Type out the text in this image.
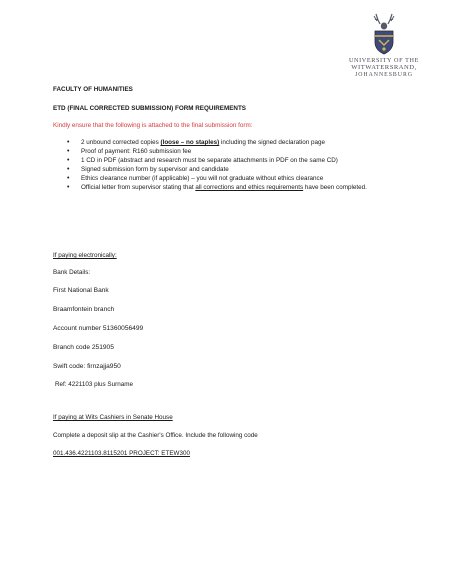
UNIVERSITY OF THE
WITWATERSRAND,
JOHANNESBURG
FACULTY OF HUMANITIES
ETD (FINAL CORRECTED SUBMISSION) FORM REQUIREMENTS
Kindly ensure that the following is attached to the final submission form:
• 2 unbound corrected copies (loose – no staples) including the signed declaration page
• Proof of payment: R160 submission fee
• 1 CD in PDF (abstract and research must be separate attachments in PDF on the same CD)
• Signed submission form by supervisor and candidate
• Ethics clearance number (if applicable) – you will not graduate without ethics clearance
• Official letter from supervisor stating that all corrections and ethics requirements have been completed.
If paying electronically:
Bank Details:
First National Bank
Braamfontein branch
Account number 51360056499
Branch code 251905
Swift code: firnzajja950
Ref: 4221103 plus Surname
If paying at Wits Cashiers in Senate House
Complete a deposit slip at the Cashier's Office. Include the following code
001.436.4221103.8115201 PROJECT: ETEW300
